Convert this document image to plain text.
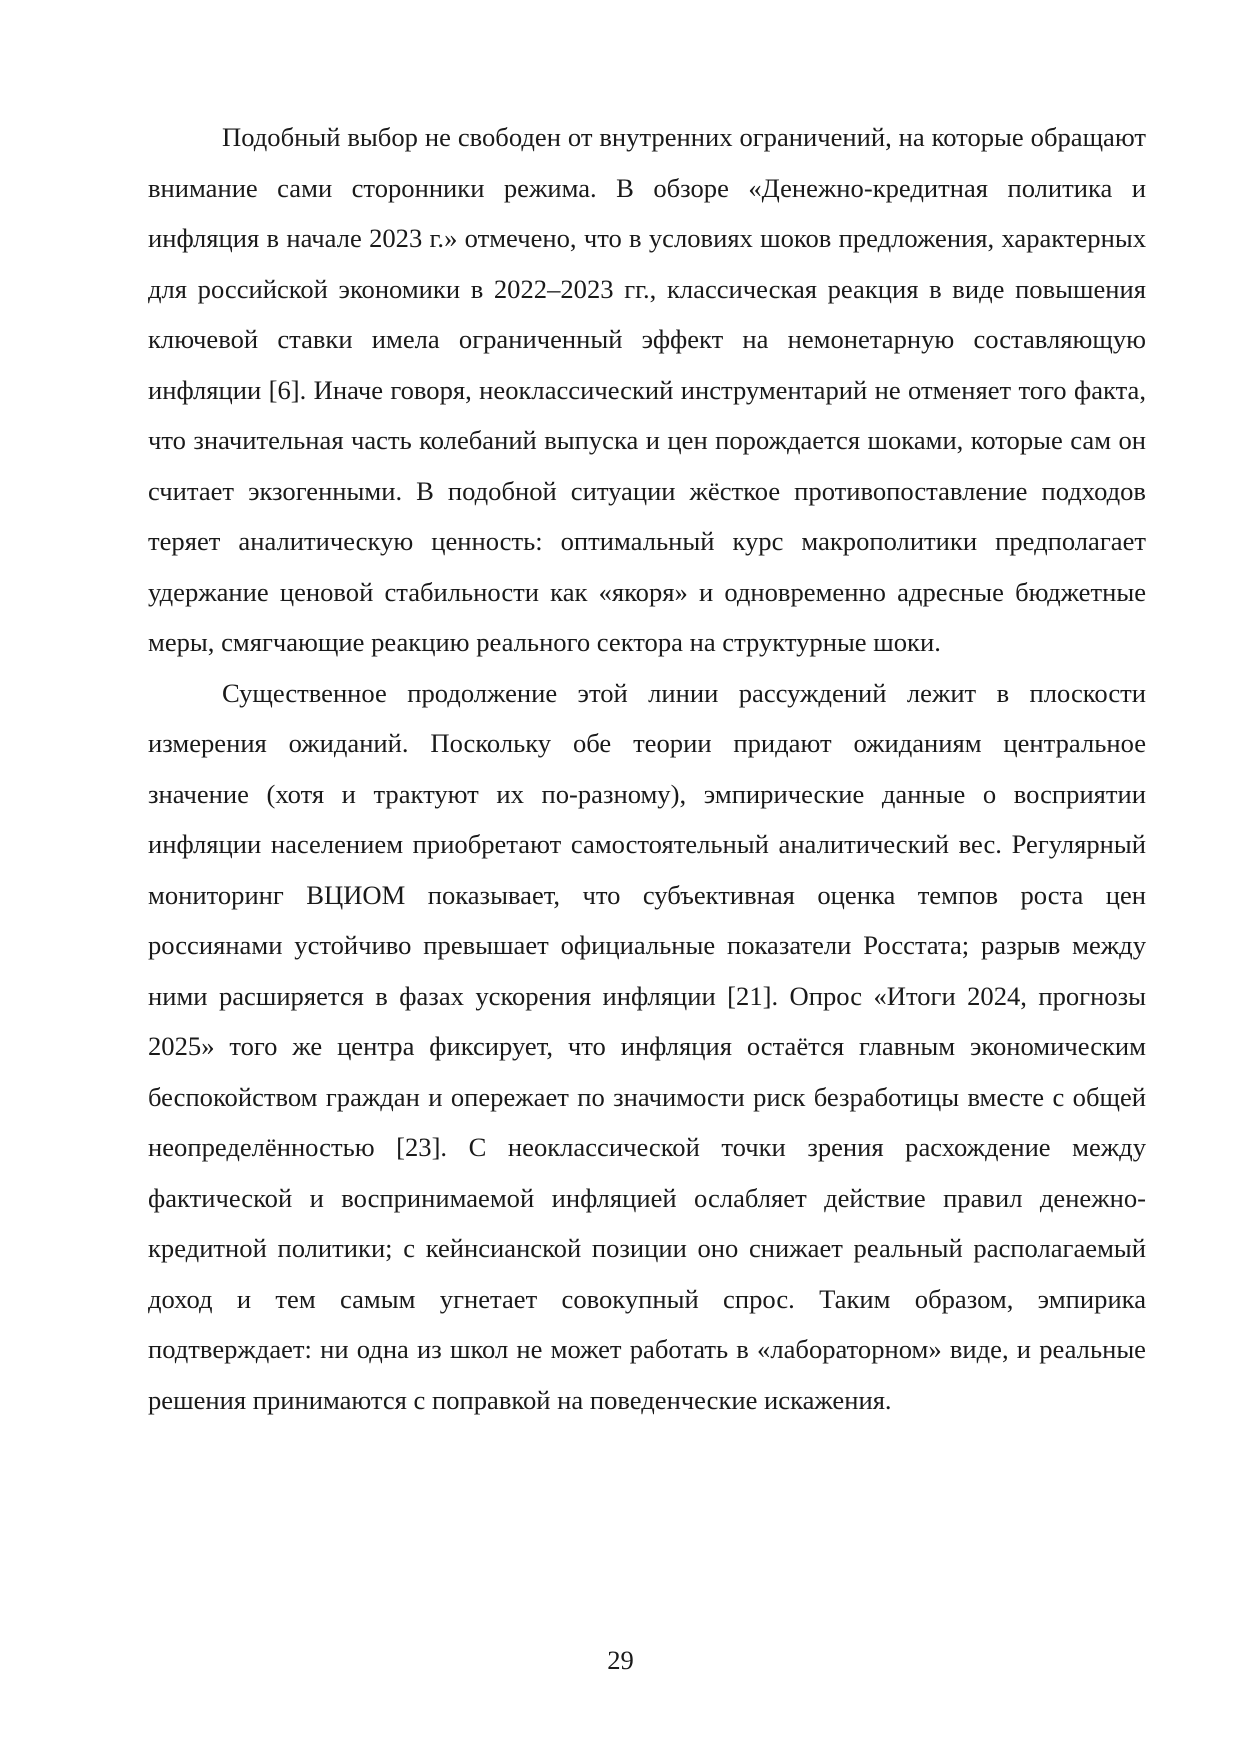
Подобный выбор не свободен от внутренних ограничений, на которые обращают внимание сами сторонники режима. В обзоре «Денежно-кредитная политика и инфляция в начале 2023 г.» отмечено, что в условиях шоков предложения, характерных для российской экономики в 2022–2023 гг., классическая реакция в виде повышения ключевой ставки имела ограниченный эффект на немонетарную составляющую инфляции [6]. Иначе говоря, неоклассический инструментарий не отменяет того факта, что значительная часть колебаний выпуска и цен порождается шоками, которые сам он считает экзогенными. В подобной ситуации жёсткое противопоставление подходов теряет аналитическую ценность: оптимальный курс макрополитики предполагает удержание ценовой стабильности как «якоря» и одновременно адресные бюджетные меры, смягчающие реакцию реального сектора на структурные шоки.

Существенное продолжение этой линии рассуждений лежит в плоскости измерения ожиданий. Поскольку обе теории придают ожиданиям центральное значение (хотя и трактуют их по-разному), эмпирические данные о восприятии инфляции населением приобретают самостоятельный аналитический вес. Регулярный мониторинг ВЦИОМ показывает, что субъективная оценка темпов роста цен россиянами устойчиво превышает официальные показатели Росстата; разрыв между ними расширяется в фазах ускорения инфляции [21]. Опрос «Итоги 2024, прогнозы 2025» того же центра фиксирует, что инфляция остаётся главным экономическим беспокойством граждан и опережает по значимости риск безработицы вместе с общей неопределённостью [23]. С неоклассической точки зрения расхождение между фактической и воспринимаемой инфляцией ослабляет действие правил денежно-кредитной политики; с кейнсианской позиции оно снижает реальный располагаемый доход и тем самым угнетает совокупный спрос. Таким образом, эмпирика подтверждает: ни одна из школ не может работать в «лабораторном» виде, и реальные решения принимаются с поправкой на поведенческие искажения.

29
